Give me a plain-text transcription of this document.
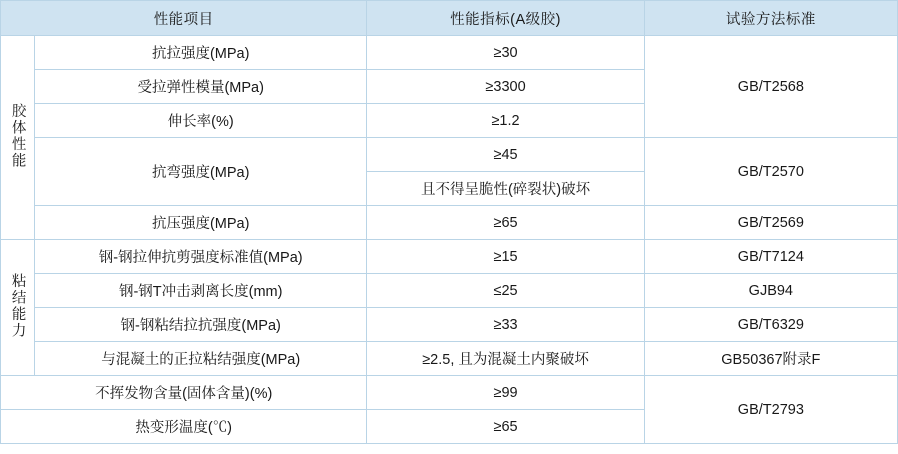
性能项目		性能指标(A级胶)	试验方法标准
胶体性能	抗拉强度(MPa)	≥30	GB/T2568
	受拉弹性模量(MPa)	≥3300	
	伸长率(%)	≥1.2	
	抗弯强度(MPa)	≥45	GB/T2570
		且不得呈脆性(碎裂状)破坏	
	抗压强度(MPa)	≥65	GB/T2569
粘结能力	钢-钢拉伸抗剪强度标准值(MPa)	≥15	GB/T7124
	钢-钢T冲击剥离长度(mm)	≤25	GJB94
	钢-钢粘结拉抗强度(MPa)	≥33	GB/T6329
	与混凝土的正拉粘结强度(MPa)	≥2.5, 且为混凝土内聚破坏	GB50367附录F
不挥发物含量(固体含量)(%)		≥99	GB/T2793
热变形温度(℃)		≥65	
